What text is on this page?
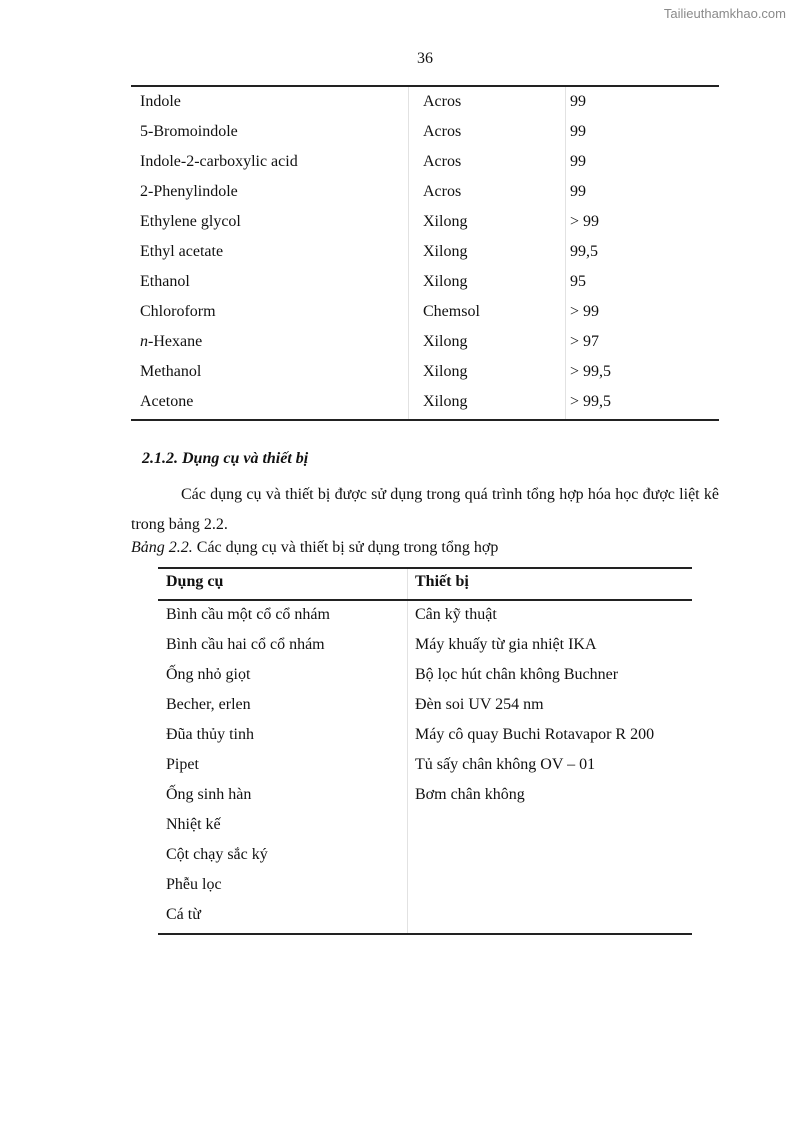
Tailieuthamkhao.com
36
Indole	Acros	99
5-Bromoindole	Acros	99
Indole-2-carboxylic acid	Acros	99
2-Phenylindole	Acros	99
Ethylene glycol	Xilong	> 99
Ethyl acetate	Xilong	99,5
Ethanol	Xilong	95
Chloroform	Chemsol	> 99
n-Hexane	Xilong	> 97
Methanol	Xilong	> 99,5
Acetone	Xilong	> 99,5
2.1.2. Dụng cụ và thiết bị

Các dụng cụ và thiết bị được sử dụng trong quá trình tổng hợp hóa học được liệt kê trong bảng 2.2.

Bảng 2.2. Các dụng cụ và thiết bị sử dụng trong tổng hợp
Dụng cụ	Thiết bị
Bình cầu một cổ cổ nhám	Cân kỹ thuật
Bình cầu hai cổ cổ nhám	Máy khuấy từ gia nhiệt IKA
Ống nhỏ giọt	Bộ lọc hút chân không Buchner
Becher, erlen	Đèn soi UV 254 nm
Đũa thủy tinh	Máy cô quay Buchi Rotavapor R 200
Pipet	Tủ sấy chân không OV – 01
Ống sinh hàn	Bơm chân không
Nhiệt kế
Cột chạy sắc ký
Phễu lọc
Cá từ
